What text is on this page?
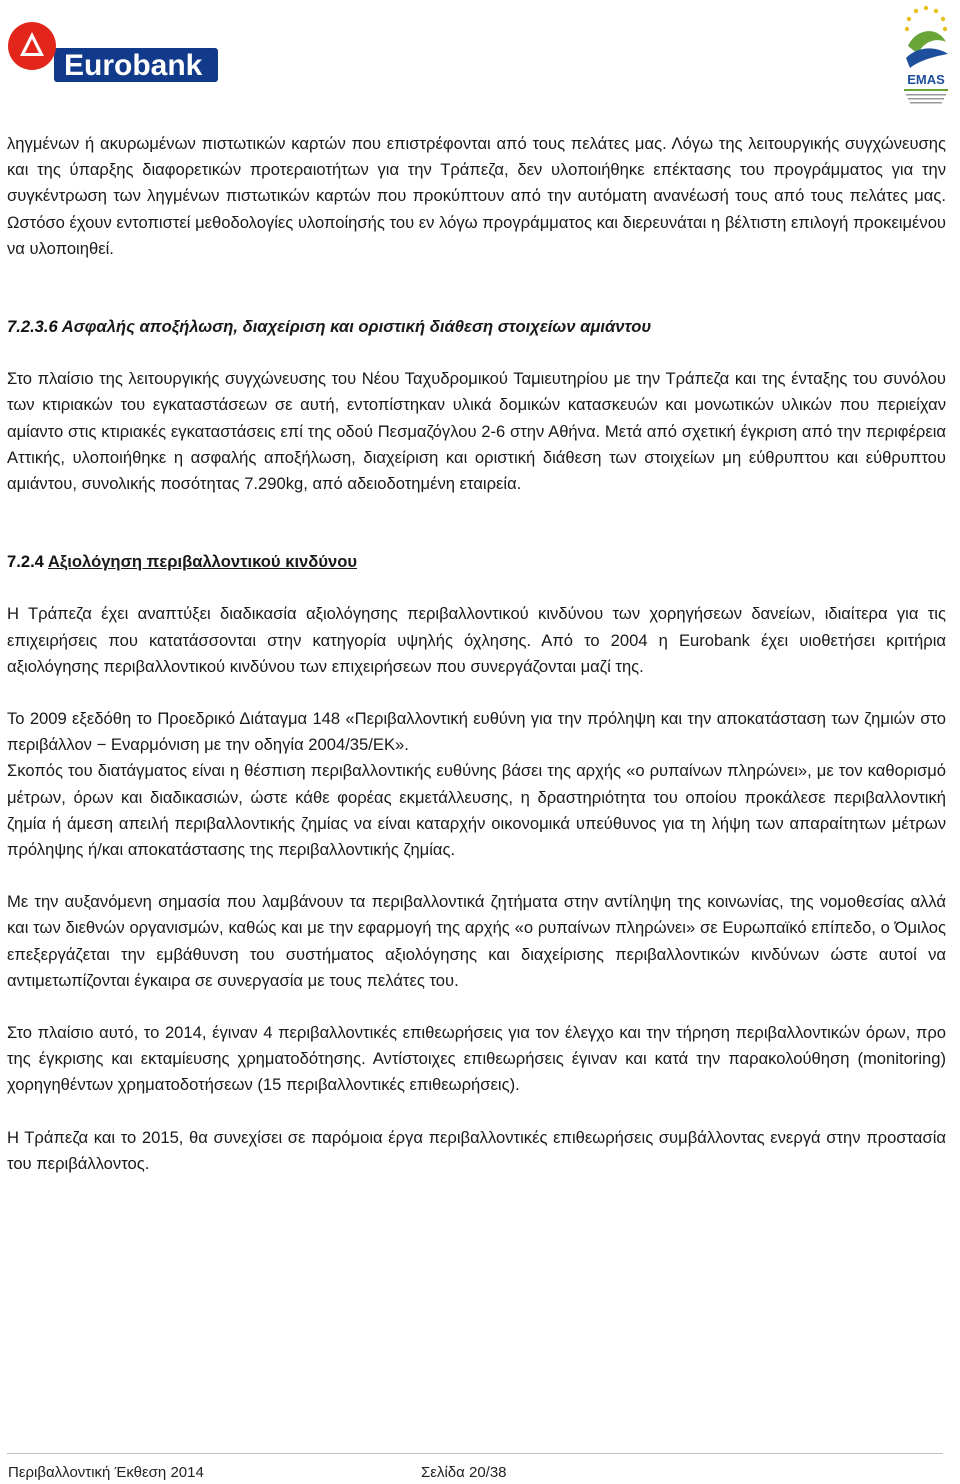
Eurobank	EMAS

ληγμένων ή ακυρωμένων πιστωτικών καρτών που επιστρέφονται από τους πελάτες μας. Λόγω της λειτουργικής συγχώνευσης και της ύπαρξης διαφορετικών προτεραιοτήτων για την Τράπεζα, δεν υλοποιήθηκε επέκτασης του προγράμματος για την συγκέντρωση των ληγμένων πιστωτικών καρτών που προκύπτουν από την αυτόματη ανανέωσή τους από τους πελάτες μας. Ωστόσο έχουν εντοπιστεί μεθοδολογίες υλοποίησής του εν λόγω προγράμματος και διερευνάται η βέλτιστη επιλογή προκειμένου να υλοποιηθεί.

7.2.3.6 Ασφαλής αποξήλωση, διαχείριση και οριστική διάθεση στοιχείων αμιάντου

Στο πλαίσιο της λειτουργικής συγχώνευσης του Νέου Ταχυδρομικού Ταμιευτηρίου με την Τράπεζα και της ένταξης του συνόλου των κτιριακών του εγκαταστάσεων σε αυτή, εντοπίστηκαν υλικά δομικών κατασκευών και μονωτικών υλικών που περιείχαν αμίαντο στις κτιριακές εγκαταστάσεις επί της οδού Πεσμαζόγλου 2-6 στην Αθήνα. Μετά από σχετική έγκριση από την περιφέρεια Αττικής, υλοποιήθηκε η ασφαλής αποξήλωση, διαχείριση και οριστική διάθεση των στοιχείων μη εύθρυπτου και εύθρυπτου αμιάντου, συνολικής ποσότητας 7.290kg, από αδειοδοτημένη εταιρεία.

7.2.4 Αξιολόγηση περιβαλλοντικού κινδύνου

Η Τράπεζα έχει αναπτύξει διαδικασία αξιολόγησης περιβαλλοντικού κινδύνου των χορηγήσεων δανείων, ιδιαίτερα για τις επιχειρήσεις που κατατάσσονται στην κατηγορία υψηλής όχλησης. Από το 2004 η Eurobank έχει υιοθετήσει κριτήρια αξιολόγησης περιβαλλοντικού κινδύνου των επιχειρήσεων που συνεργάζονται μαζί της.

Το 2009 εξεδόθη το Προεδρικό Διάταγμα 148 «Περιβαλλοντική ευθύνη για την πρόληψη και την αποκατάσταση των ζημιών στο περιβάλλον − Εναρμόνιση με την οδηγία 2004/35/ΕΚ».

Σκοπός του διατάγματος είναι η θέσπιση περιβαλλοντικής ευθύνης βάσει της αρχής «ο ρυπαίνων πληρώνει», με τον καθορισμό μέτρων, όρων και διαδικασιών, ώστε κάθε φορέας εκμετάλλευσης, η δραστηριότητα του οποίου προκάλεσε περιβαλλοντική ζημία ή άμεση απειλή περιβαλλοντικής ζημίας να είναι καταρχήν οικονομικά υπεύθυνος για τη λήψη των απαραίτητων μέτρων πρόληψης ή/και αποκατάστασης της περιβαλλοντικής ζημίας.

Με την αυξανόμενη σημασία που λαμβάνουν τα περιβαλλοντικά ζητήματα στην αντίληψη της κοινωνίας, της νομοθεσίας αλλά και των διεθνών οργανισμών, καθώς και με την εφαρμογή της αρχής «ο ρυπαίνων πληρώνει» σε Ευρωπαϊκό επίπεδο, ο Όμιλος επεξεργάζεται την εμβάθυνση του συστήματος αξιολόγησης και διαχείρισης περιβαλλοντικών κινδύνων ώστε αυτοί να αντιμετωπίζονται έγκαιρα σε συνεργασία με τους πελάτες του.

Στο πλαίσιο αυτό, το 2014, έγιναν 4 περιβαλλοντικές επιθεωρήσεις για τον έλεγχο και την τήρηση περιβαλλοντικών όρων, προ της έγκρισης και εκταμίευσης χρηματοδότησης. Αντίστοιχες επιθεωρήσεις έγιναν και κατά την παρακολούθηση (monitoring) χορηγηθέντων χρηματοδοτήσεων (15 περιβαλλοντικές επιθεωρήσεις).

Η Τράπεζα και το 2015, θα συνεχίσει σε παρόμοια έργα περιβαλλοντικές επιθεωρήσεις συμβάλλοντας ενεργά στην προστασία του περιβάλλοντος.

Περιβαλλοντική Έκθεση 2014	Σελίδα 20/38
